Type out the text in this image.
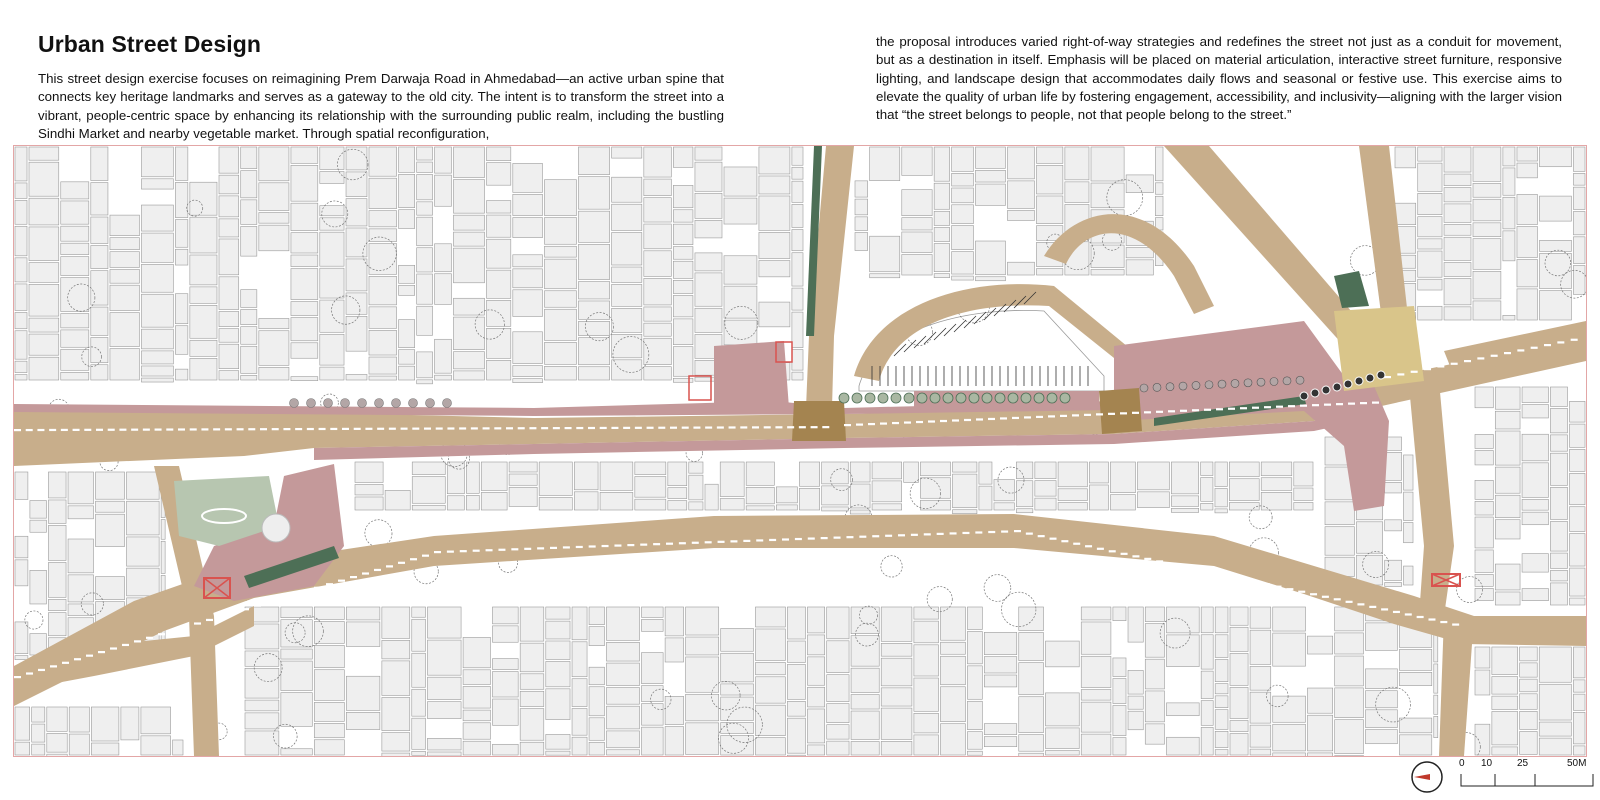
Urban Street Design

This street design exercise focuses on reimagining Prem Darwaja Road in Ahmedabad—an active urban spine that connects key heritage landmarks and serves as a gateway to the old city. The intent is to transform the street into a vibrant, people-centric space by enhancing its relationship with the surrounding public realm, including the bustling Sindhi Market and nearby vegetable market. Through spatial reconfiguration,

the proposal introduces varied right-of-way strategies and redefines the street not just as a conduit for movement, but as a destination in itself. Emphasis will be placed on material articulation, interactive street furniture, responsive lighting, and landscape design that accommodates daily flows and seasonal or festive use. This exercise aims to elevate the quality of urban life by fostering engagement, accessibility, and inclusivity—aligning with the larger vision that “the street belongs to people, not that people belong to the street.”

0 10 25	50M
